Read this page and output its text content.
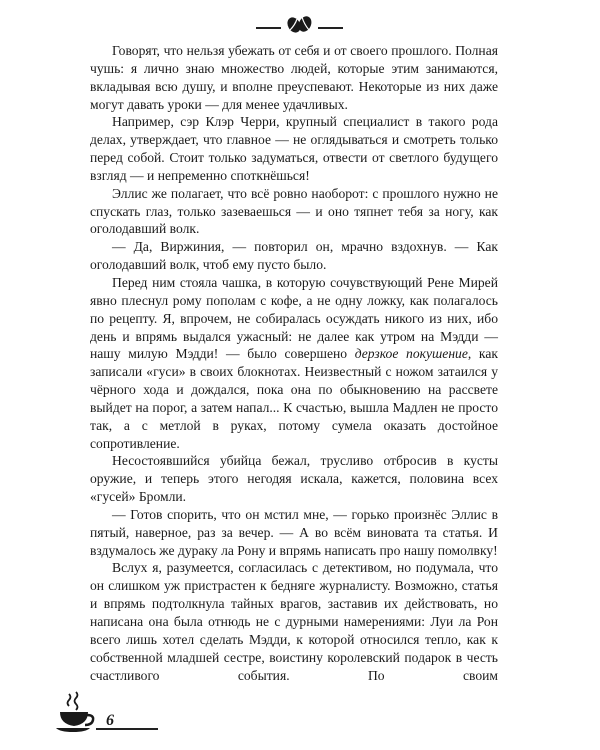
Говорят, что нельзя убежать от себя и от своего прошлого. Полная чушь: я лично знаю множество людей, которые этим занимаются, вкладывая всю душу, и вполне преуспевают. Некоторые из них даже могут давать уроки — для менее удачливых.

Например, сэр Клэр Черри, крупный специалист в такого рода делах, утверждает, что главное — не оглядываться и смотреть только перед собой. Стоит только задуматься, отвести от светлого будущего взгляд — и непременно споткнёшься!

Эллис же полагает, что всё ровно наоборот: с прошлого нужно не спускать глаз, только зазеваешься — и оно тяпнет тебя за ногу, как оголодавший волк.

— Да, Виржиния, — повторил он, мрачно вздохнув. — Как оголодавший волк, чтоб ему пусто было.

Перед ним стояла чашка, в которую сочувствующий Рене Мирей явно плеснул рому пополам с кофе, а не одну ложку, как полагалось по рецепту. Я, впрочем, не собиралась осуждать никого из них, ибо день и впрямь выдался ужасный: не далее как утром на Мэдди — нашу милую Мэдди! — было совершено дерзкое покушение, как записали «гуси» в своих блокнотах. Неизвестный с ножом затаился у чёрного хода и дождался, пока она по обыкновению на рассвете выйдет на порог, а затем напал... К счастью, вышла Мадлен не просто так, а с метлой в руках, потому сумела оказать достойное сопротивление.

Несостоявшийся убийца бежал, трусливо отбросив в кусты оружие, и теперь этого негодяя искала, кажется, половина всех «гусей» Бромли.

— Готов спорить, что он мстил мне, — горько произнёс Эллис в пятый, наверное, раз за вечер. — А во всём виновата та статья. И вздумалось же дураку ла Рону и впрямь написать про нашу помолвку!

Вслух я, разумеется, согласилась с детективом, но подумала, что он слишком уж пристрастен к бедняге журналисту. Возможно, статья и впрямь подтолкнула тайных врагов, заставив их действовать, но написана она была отнюдь не с дурными намерениями: Луи ла Рон всего лишь хотел сделать Мэдди, к которой относился тепло, как к собственной младшей сестре, воистину королевский подарок в честь счастливого события. По своим

6
